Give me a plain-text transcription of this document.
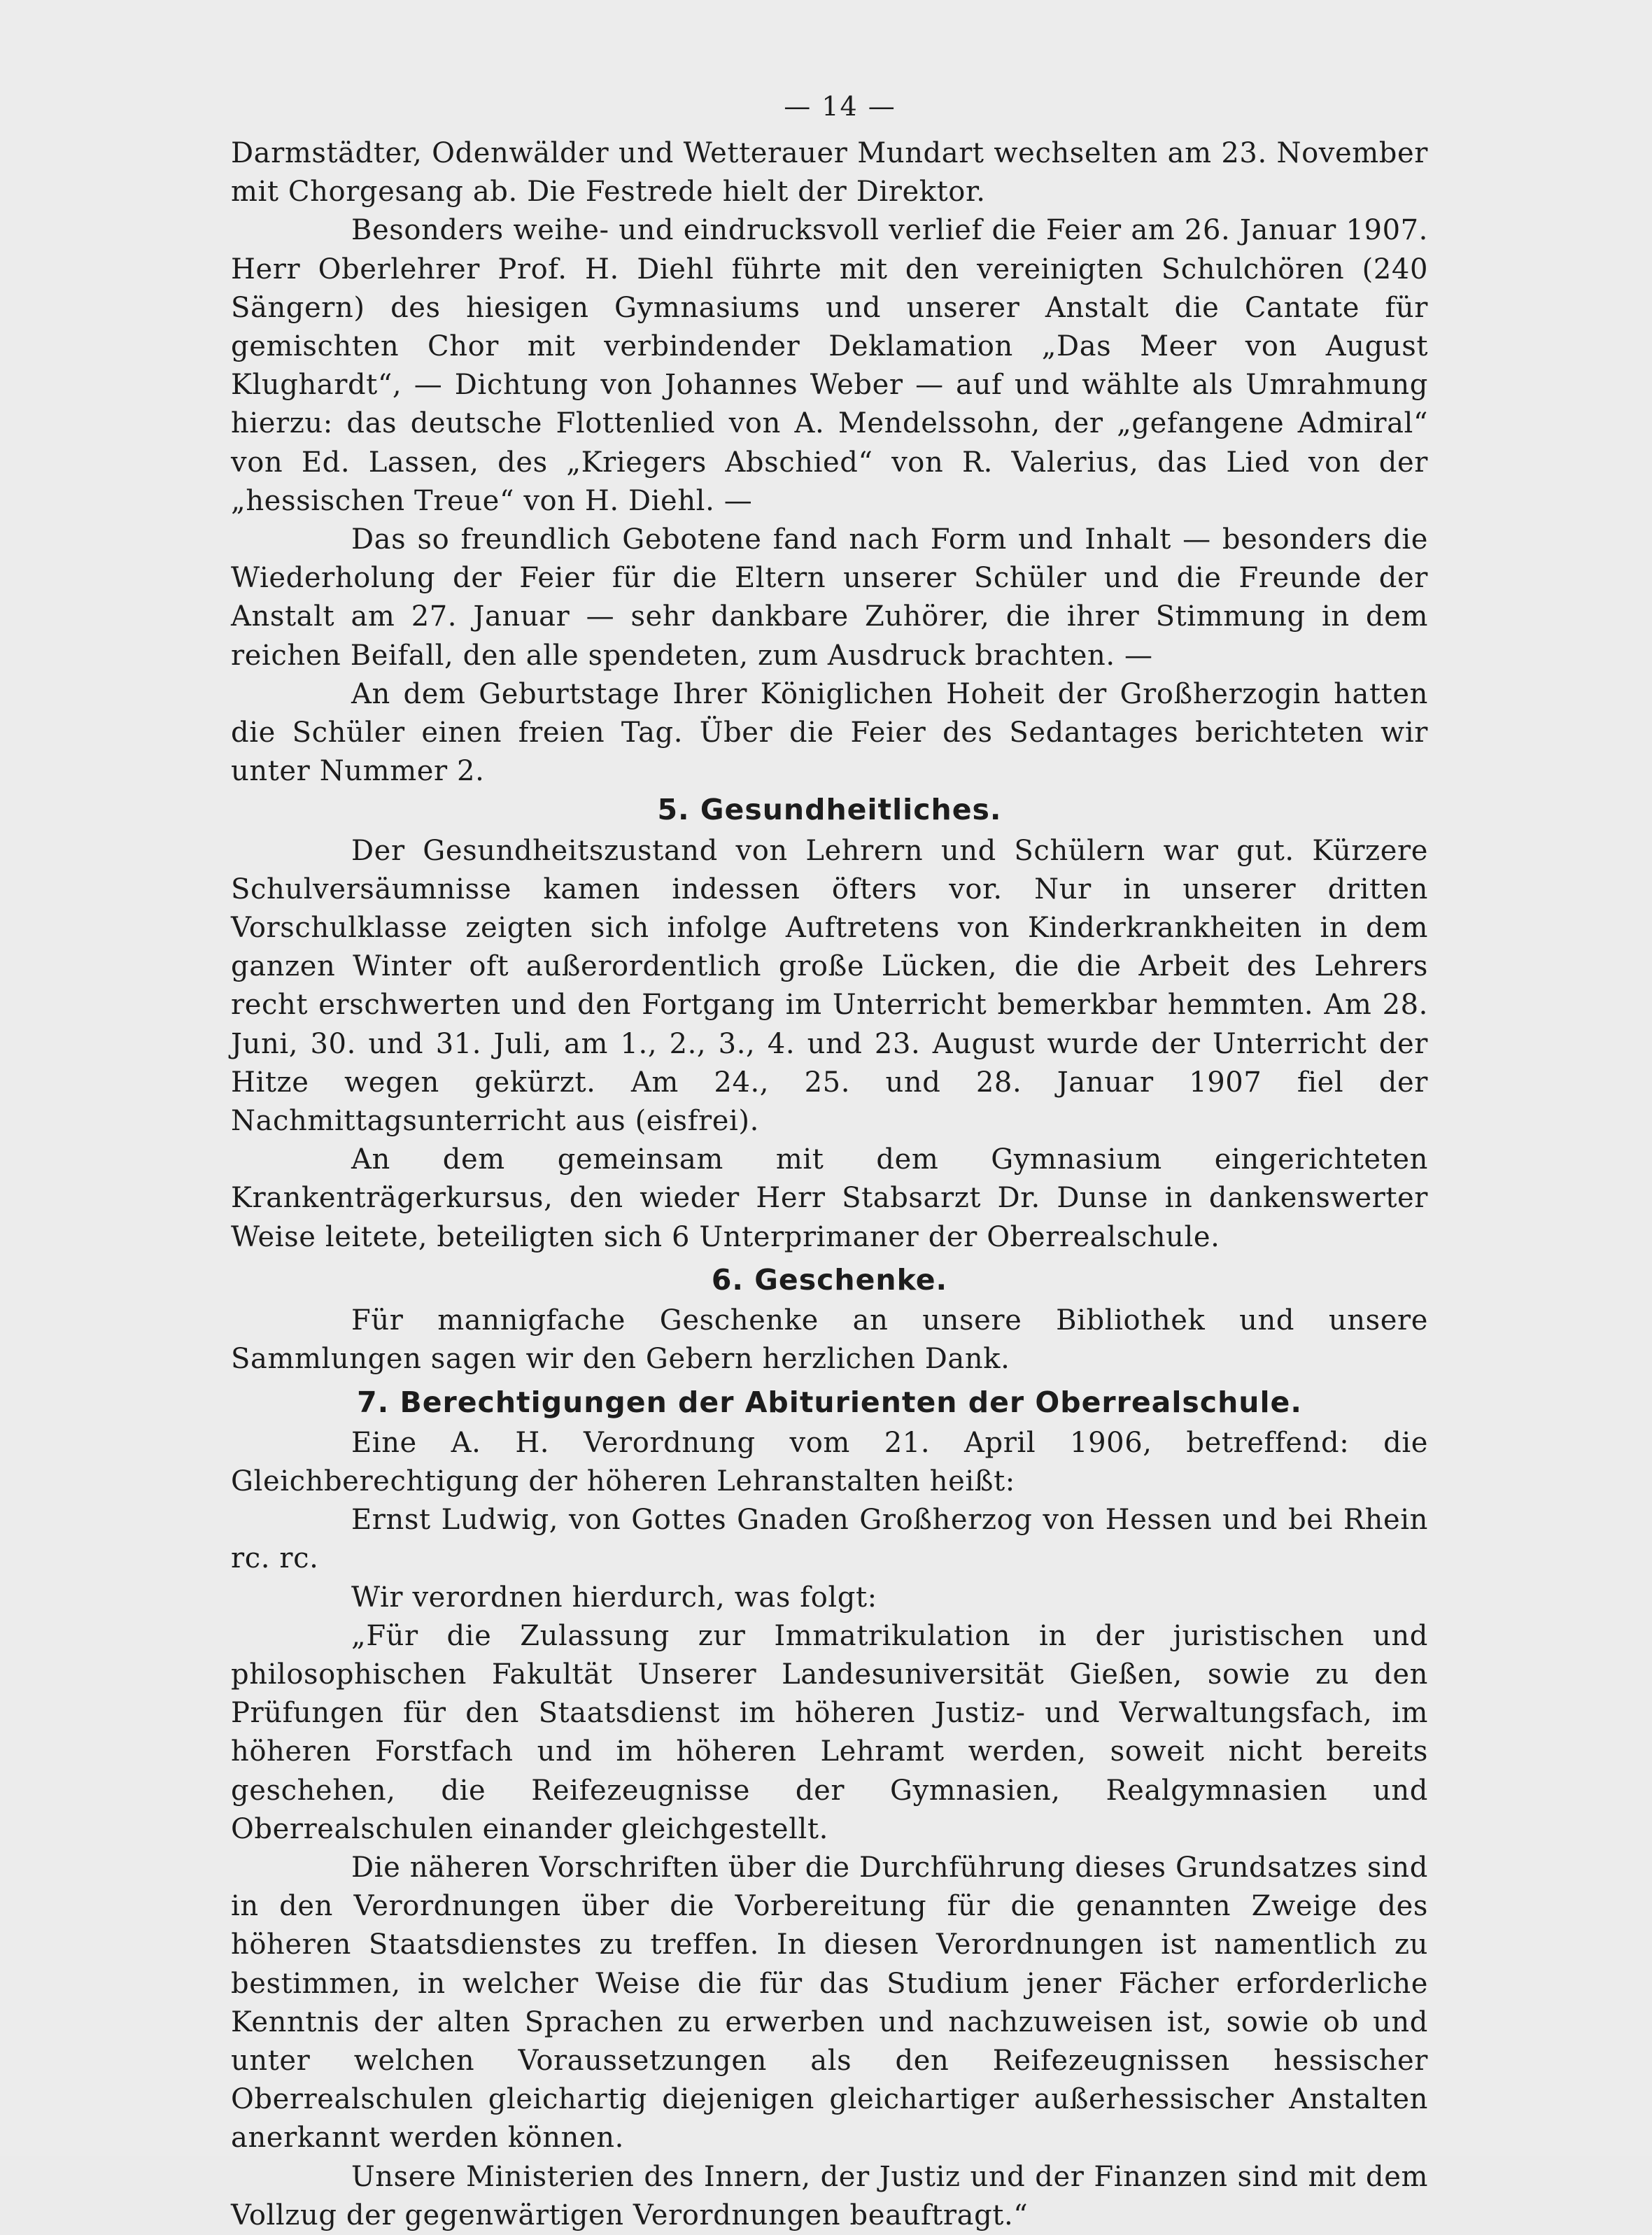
— 14 —

Darmstädter, Odenwälder und Wetterauer Mundart wechselten am 23. November mit Chorgesang ab. Die Festrede hielt der Direktor.

Besonders weihe- und eindrucksvoll verlief die Feier am 26. Januar 1907. Herr Oberlehrer Prof. H. Diehl führte mit den vereinigten Schulchören (240 Sängern) des hiesigen Gymnasiums und unserer Anstalt die Cantate für gemischten Chor mit verbindender Deklamation „Das Meer von August Klughardt“, — Dichtung von Johannes Weber — auf und wählte als Umrahmung hierzu: das deutsche Flottenlied von A. Mendelssohn, der „gefangene Admiral“ von Ed. Lassen, des „Kriegers Abschied“ von R. Valerius, das Lied von der „hessischen Treue“ von H. Diehl. —

Das so freundlich Gebotene fand nach Form und Inhalt — besonders die Wiederholung der Feier für die Eltern unserer Schüler und die Freunde der Anstalt am 27. Januar — sehr dankbare Zuhörer, die ihrer Stimmung in dem reichen Beifall, den alle spendeten, zum Ausdruck brachten. —

An dem Geburtstage Ihrer Königlichen Hoheit der Großherzogin hatten die Schüler einen freien Tag. Über die Feier des Sedantages berichteten wir unter Nummer 2.

5. Gesundheitliches.

Der Gesundheitszustand von Lehrern und Schülern war gut. Kürzere Schulversäumnisse kamen indessen öfters vor. Nur in unserer dritten Vorschulklasse zeigten sich infolge Auftretens von Kinderkrankheiten in dem ganzen Winter oft außerordentlich große Lücken, die die Arbeit des Lehrers recht erschwerten und den Fortgang im Unterricht bemerkbar hemmten. Am 28. Juni, 30. und 31. Juli, am 1., 2., 3., 4. und 23. August wurde der Unterricht der Hitze wegen gekürzt. Am 24., 25. und 28. Januar 1907 fiel der Nachmittagsunterricht aus (eisfrei).

An dem gemeinsam mit dem Gymnasium eingerichteten Krankenträgerkursus, den wieder Herr Stabsarzt Dr. Dunse in dankenswerter Weise leitete, beteiligten sich 6 Unterprimaner der Oberrealschule.

6. Geschenke.

Für mannigfache Geschenke an unsere Bibliothek und unsere Sammlungen sagen wir den Gebern herzlichen Dank.

7. Berechtigungen der Abiturienten der Oberrealschule.

Eine A. H. Verordnung vom 21. April 1906, betreffend: die Gleichberechtigung der höheren Lehranstalten heißt:

Ernst Ludwig, von Gottes Gnaden Großherzog von Hessen und bei Rhein rc. rc.

Wir verordnen hierdurch, was folgt:

„Für die Zulassung zur Immatrikulation in der juristischen und philosophischen Fakultät Unserer Landesuniversität Gießen, sowie zu den Prüfungen für den Staatsdienst im höheren Justiz- und Verwaltungsfach, im höheren Forstfach und im höheren Lehramt werden, soweit nicht bereits geschehen, die Reifezeugnisse der Gymnasien, Realgymnasien und Oberrealschulen einander gleichgestellt.

Die näheren Vorschriften über die Durchführung dieses Grundsatzes sind in den Verordnungen über die Vorbereitung für die genannten Zweige des höheren Staatsdienstes zu treffen. In diesen Verordnungen ist namentlich zu bestimmen, in welcher Weise die für das Studium jener Fächer erforderliche Kenntnis der alten Sprachen zu erwerben und nachzuweisen ist, sowie ob und unter welchen Voraussetzungen als den Reifezeugnissen hessischer Oberrealschulen gleichartig diejenigen gleichartiger außerhessischer Anstalten anerkannt werden können.

Unsere Ministerien des Innern, der Justiz und der Finanzen sind mit dem Vollzug der gegenwärtigen Verordnungen beauftragt.“
